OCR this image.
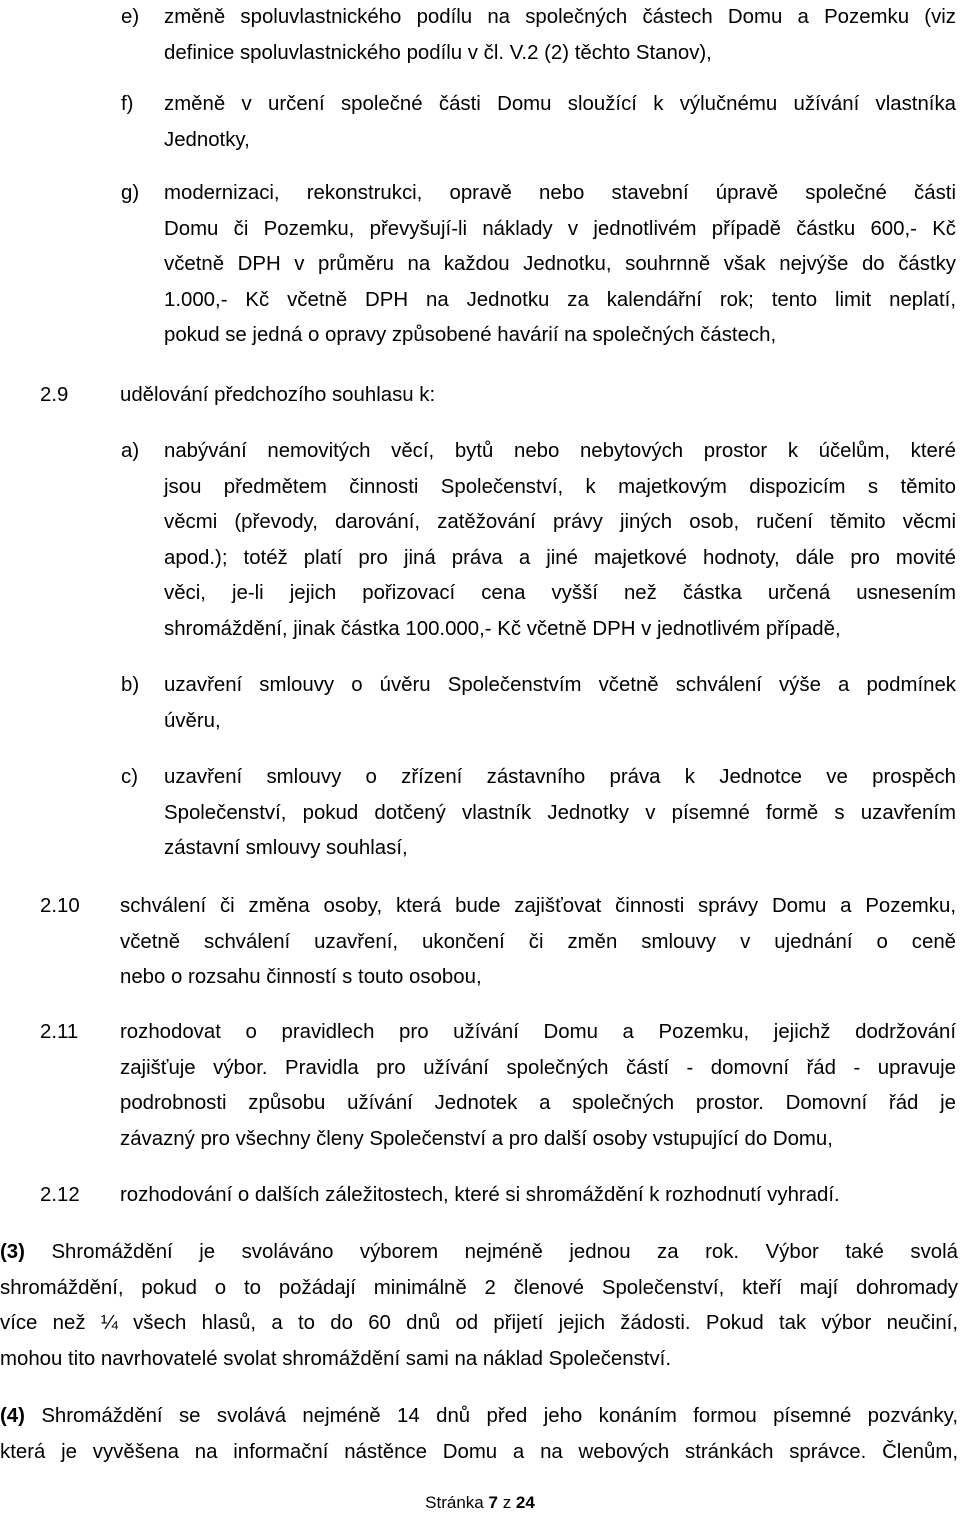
e) změně spoluvlastnického podílu na společných částech Domu a Pozemku (viz
definice spoluvlastnického podílu v čl. V.2 (2) těchto Stanov),
f) změně v určení společné části Domu sloužící k výlučnému užívání vlastníka
Jednotky,
g) modernizaci, rekonstrukci, opravě nebo stavební úpravě společné části
Domu či Pozemku, převyšují-li náklady v jednotlivém případě částku 600,- Kč
včetně DPH v průměru na každou Jednotku, souhrnně však nejvýše do částky
1.000,- Kč včetně DPH na Jednotku za kalendářní rok; tento limit neplatí,
pokud se jedná o opravy způsobené havárií na společných částech,
2.9	udělování předchozího souhlasu k:
a) nabývání nemovitých věcí, bytů nebo nebytových prostor k účelům, které
jsou předmětem činnosti Společenství, k majetkovým dispozicím s těmito
věcmi (převody, darování, zatěžování právy jiných osob, ručení těmito věcmi
apod.); totéž platí pro jiná práva a jiné majetkové hodnoty, dále pro movité
věci, je-li jejich pořizovací cena vyšší než částka určená usnesením
shromáždění, jinak částka 100.000,- Kč včetně DPH v jednotlivém případě,
b) uzavření smlouvy o úvěru Společenstvím včetně schválení výše a podmínek
úvěru,
c) uzavření smlouvy o zřízení zástavního práva k Jednotce ve prospěch
Společenství, pokud dotčený vlastník Jednotky v písemné formě s uzavřením
zástavní smlouvy souhlasí,
2.10 schválení či změna osoby, která bude zajišťovat činnosti správy Domu a Pozemku,
včetně schválení uzavření, ukončení či změn smlouvy v ujednání o ceně
nebo o rozsahu činností s touto osobou,
2.11 rozhodovat o pravidlech pro užívání Domu a Pozemku, jejichž dodržování
zajišťuje výbor. Pravidla pro užívání společných částí - domovní řád - upravuje
podrobnosti způsobu užívání Jednotek a společných prostor. Domovní řád je
závazný pro všechny členy Společenství a pro další osoby vstupující do Domu,
2.12 rozhodování o dalších záležitostech, které si shromáždění k rozhodnutí vyhradí.
(3) Shromáždění je svoláváno výborem nejméně jednou za rok. Výbor také svolá
shromáždění, pokud o to požádají minimálně 2 členové Společenství, kteří mají dohromady
více než ¼ všech hlasů, a to do 60 dnů od přijetí jejich žádosti. Pokud tak výbor neučiní,
mohou tito navrhovatelé svolat shromáždění sami na náklad Společenství.
(4) Shromáždění se svolává nejméně 14 dnů před jeho konáním formou písemné pozvánky,
která je vyvěšena na informační nástěnce Domu a na webových stránkách správce. Členům,
Stránka 7 z 24
